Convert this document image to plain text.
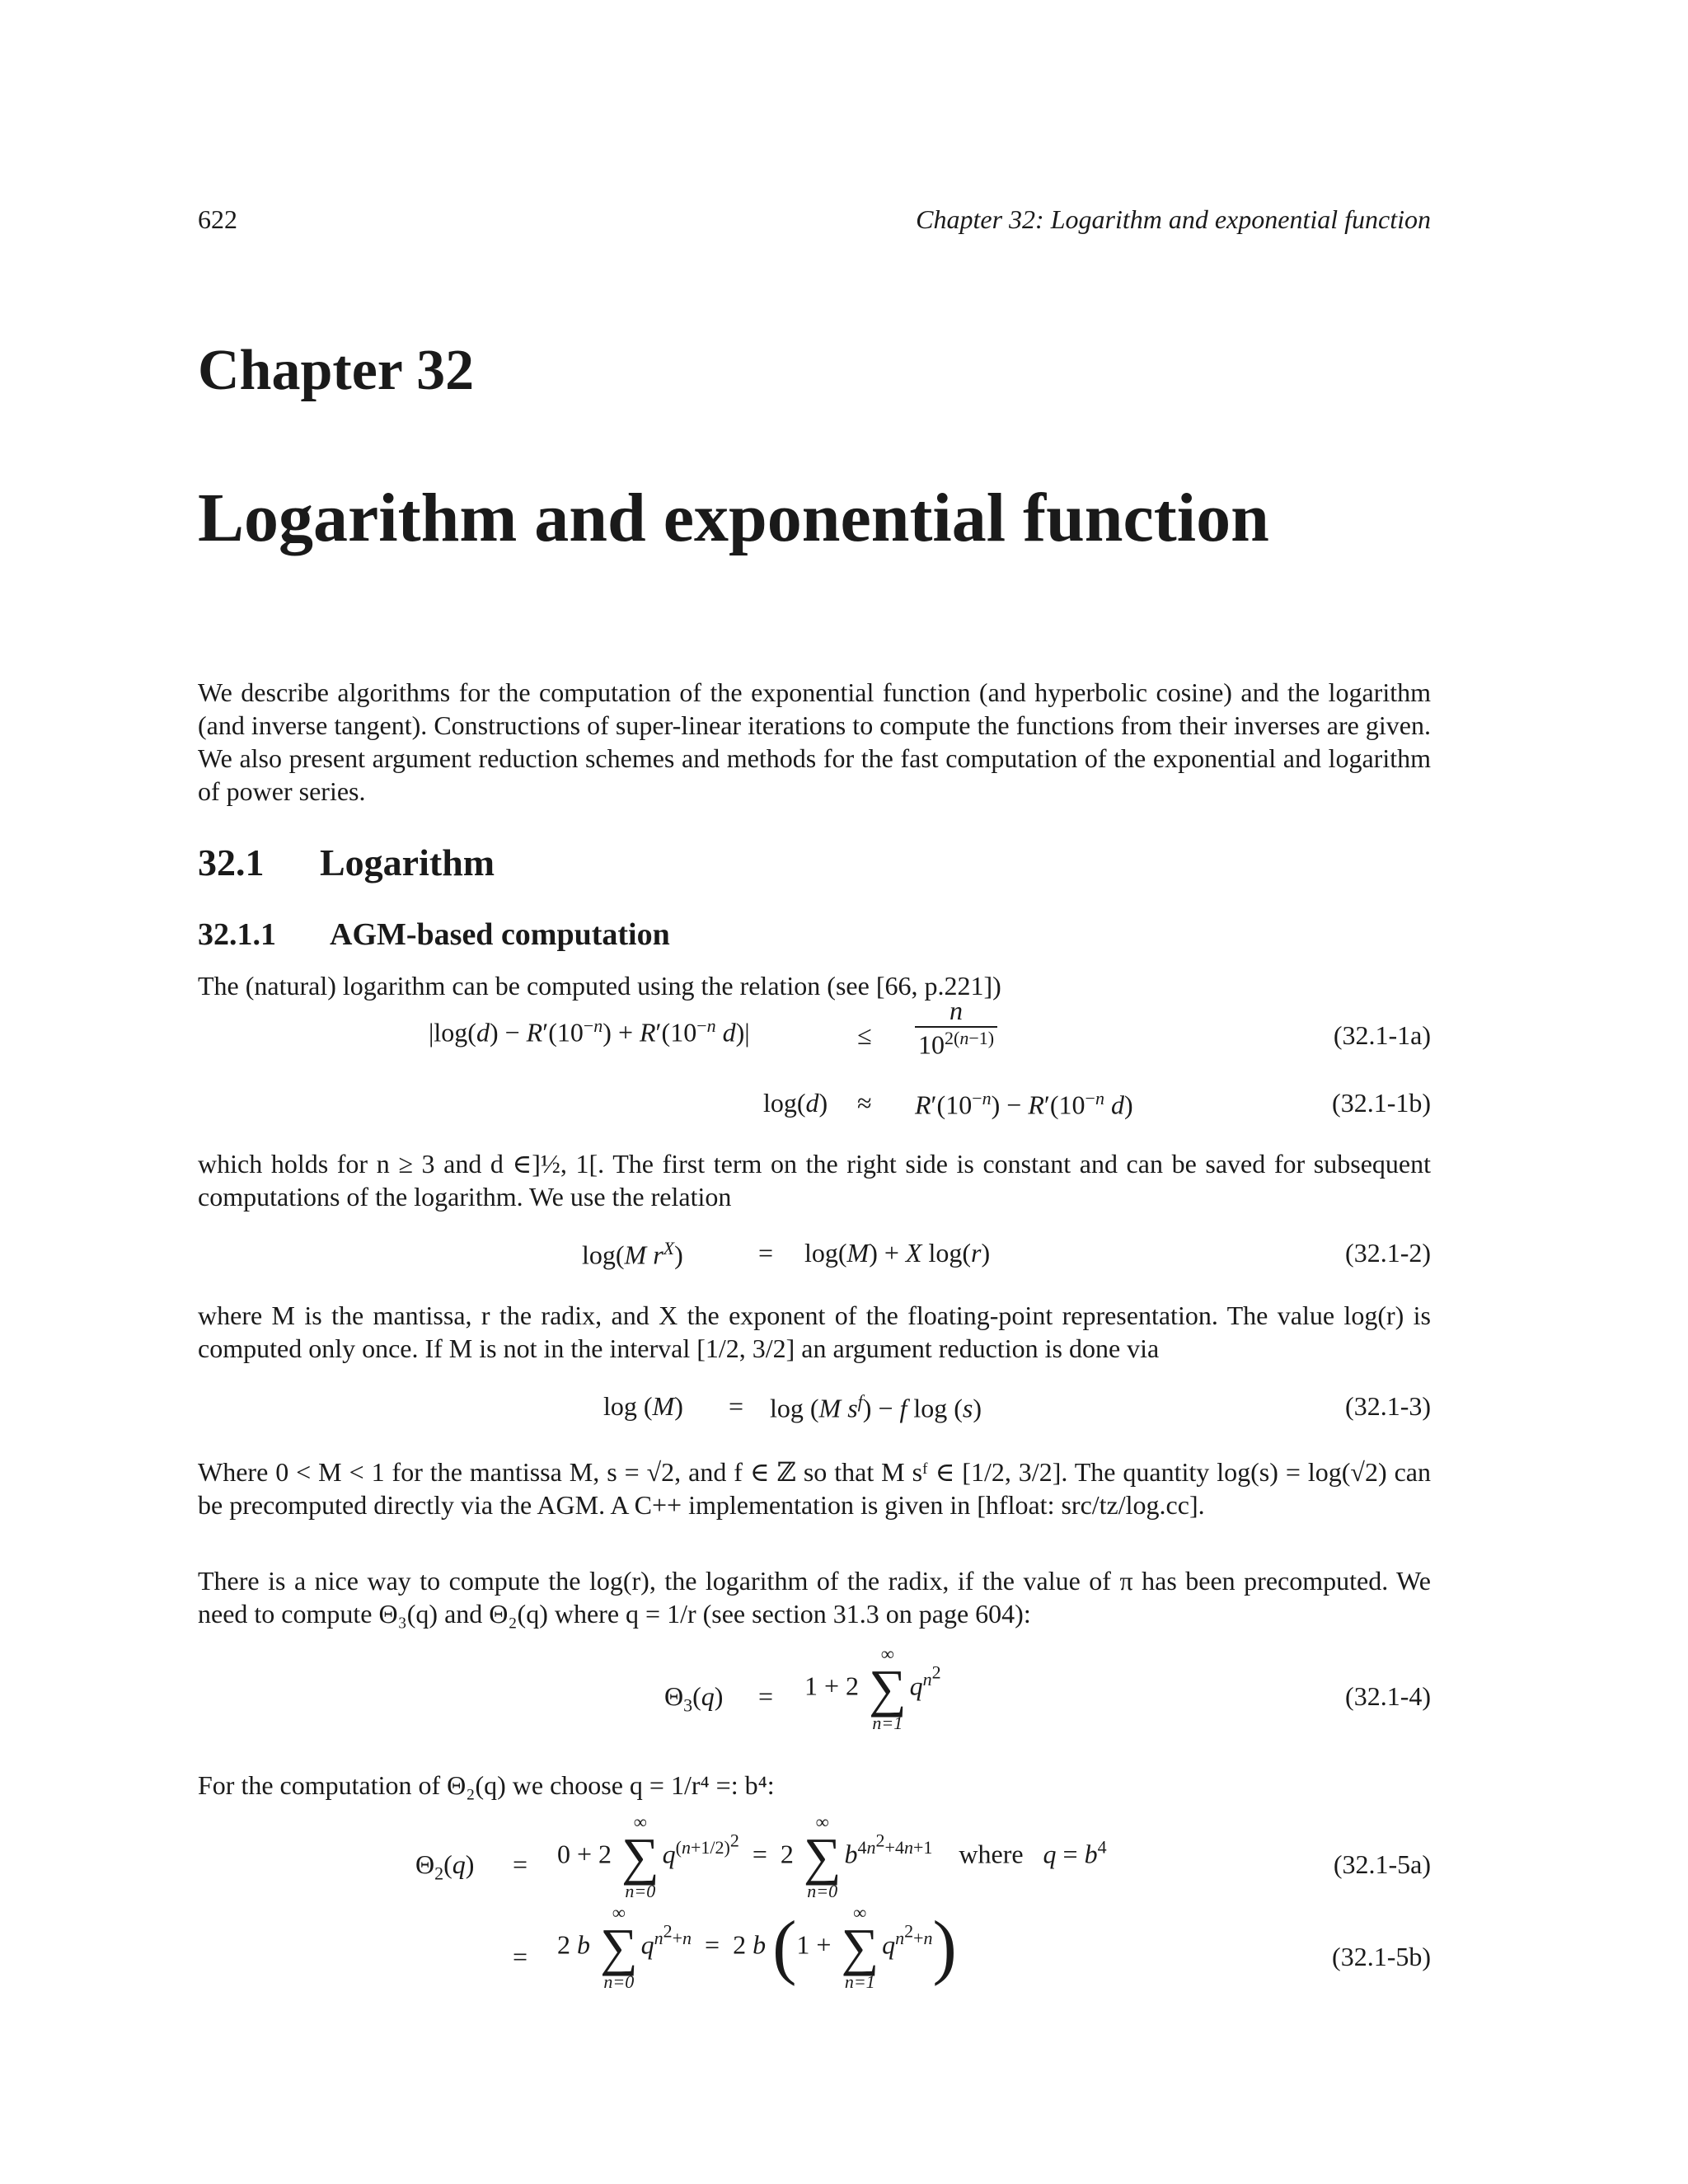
622	Chapter 32: Logarithm and exponential function
Chapter 32
Logarithm and exponential function

We describe algorithms for the computation of the exponential function (and hyperbolic cosine) and the logarithm (and inverse tangent). Constructions of super-linear iterations to compute the functions from their inverses are given. We also present argument reduction schemes and methods for the fast computation of the exponential and logarithm of power series.

32.1 Logarithm
32.1.1 AGM-based computation

The (natural) logarithm can be computed using the relation (see [66, p.221])

$|\log(d) - R'(10^{-n}) + R'(10^{-n}$ d)|	≤ $\frac{n}{10^{2(n-1)}}$	(32.1-1a)
$\log(d) \approx R'(10^{-n}) - R'(10^{-n}$ d)	(32.1-1b)

which holds for n ≥ 3 and d ∈]½, 1[. The first term on the right side is constant and can be saved for subsequent computations of the logarithm. We use the relation

log(M $r^X$)	= log(M) + X log(r)	(32.1-2)

where M is the mantissa, r the radix, and X the exponent of the floating-point representation. The value log(r) is computed only once. If M is not in the interval [1/2, 3/2] an argument reduction is done via

log (M) = log (M $s^f) - f$ log (s)	(32.1-3)

Where 0 < M < 1 for the mantissa M, s = √2, and f ∈ ℤ so that M sᶠ ∈ [1/2, 3/2]. The quantity log(s) = log(√2) can be precomputed directly via the AGM. A C++ implementation is given in [hfloat: src/tz/log.cc].

There is a nice way to compute the log(r), the logarithm of the radix, if the value of π has been precomputed. We need to compute Θ₃(q) and Θ₂(q) where q = 1/r (see section 31.3 on page 604):

$\Theta_3(q) = 1 + 2$
∞
∑
n=1
$q^{n^2}$
(32.1-4)

For the computation of Θ₂(q) we choose q = 1/r⁴ =: b⁴:

$\Theta_2(q) = 0 + 2$
∞
∑
n=0
$q^{(n+1/2)^2} = 2$
∞
∑
n=0
$b^{4n^2+4n+1}$ where $q = b^4$
(32.1-5a)
= 2 b
∞
∑
n=0
$q^{n^2+n} = 2$ b (1 +
∞
∑
n=1
$q^{n^2+n}$)	(32.1-5b)
